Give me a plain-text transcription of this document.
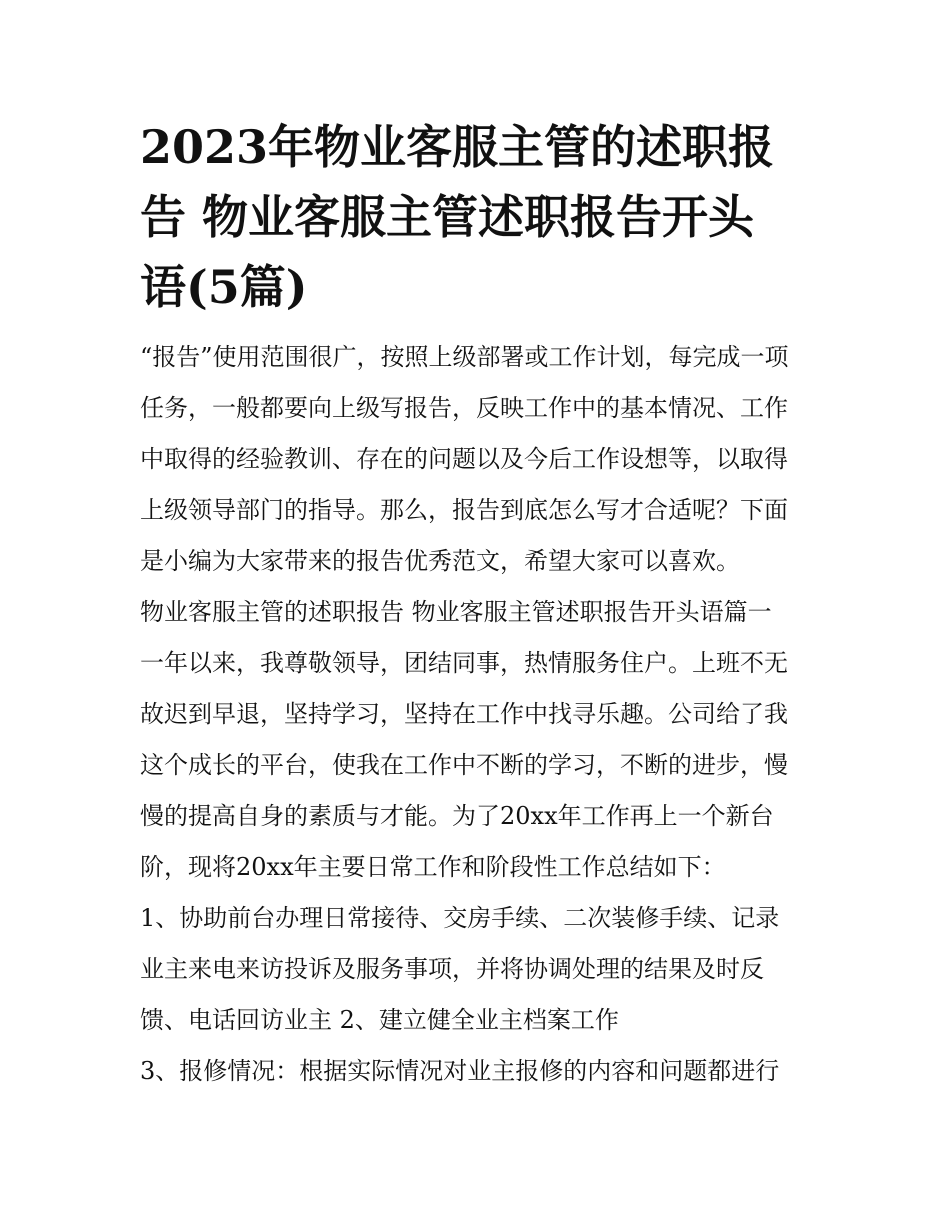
2023年物业客服主管的述职报
告 物业客服主管述职报告开头
语(5篇)
“报告”使用范围很广，按照上级部署或工作计划，每完成一项
任务，一般都要向上级写报告，反映工作中的基本情况、工作
中取得的经验教训、存在的问题以及今后工作设想等，以取得
上级领导部门的指导。那么，报告到底怎么写才合适呢？下面
是小编为大家带来的报告优秀范文，希望大家可以喜欢。
物业客服主管的述职报告 物业客服主管述职报告开头语篇一
一年以来，我尊敬领导，团结同事，热情服务住户。上班不无
故迟到早退，坚持学习，坚持在工作中找寻乐趣。公司给了我
这个成长的平台，使我在工作中不断的学习，不断的进步，慢
慢的提高自身的素质与才能。为了20xx年工作再上一个新台
阶，现将20xx年主要日常工作和阶段性工作总结如下：
1、协助前台办理日常接待、交房手续、二次装修手续、记录
业主来电来访投诉及服务事项，并将协调处理的结果及时反
馈、电话回访业主 2、建立健全业主档案工作
3、报修情况：根据实际情况对业主报修的内容和问题都进行
